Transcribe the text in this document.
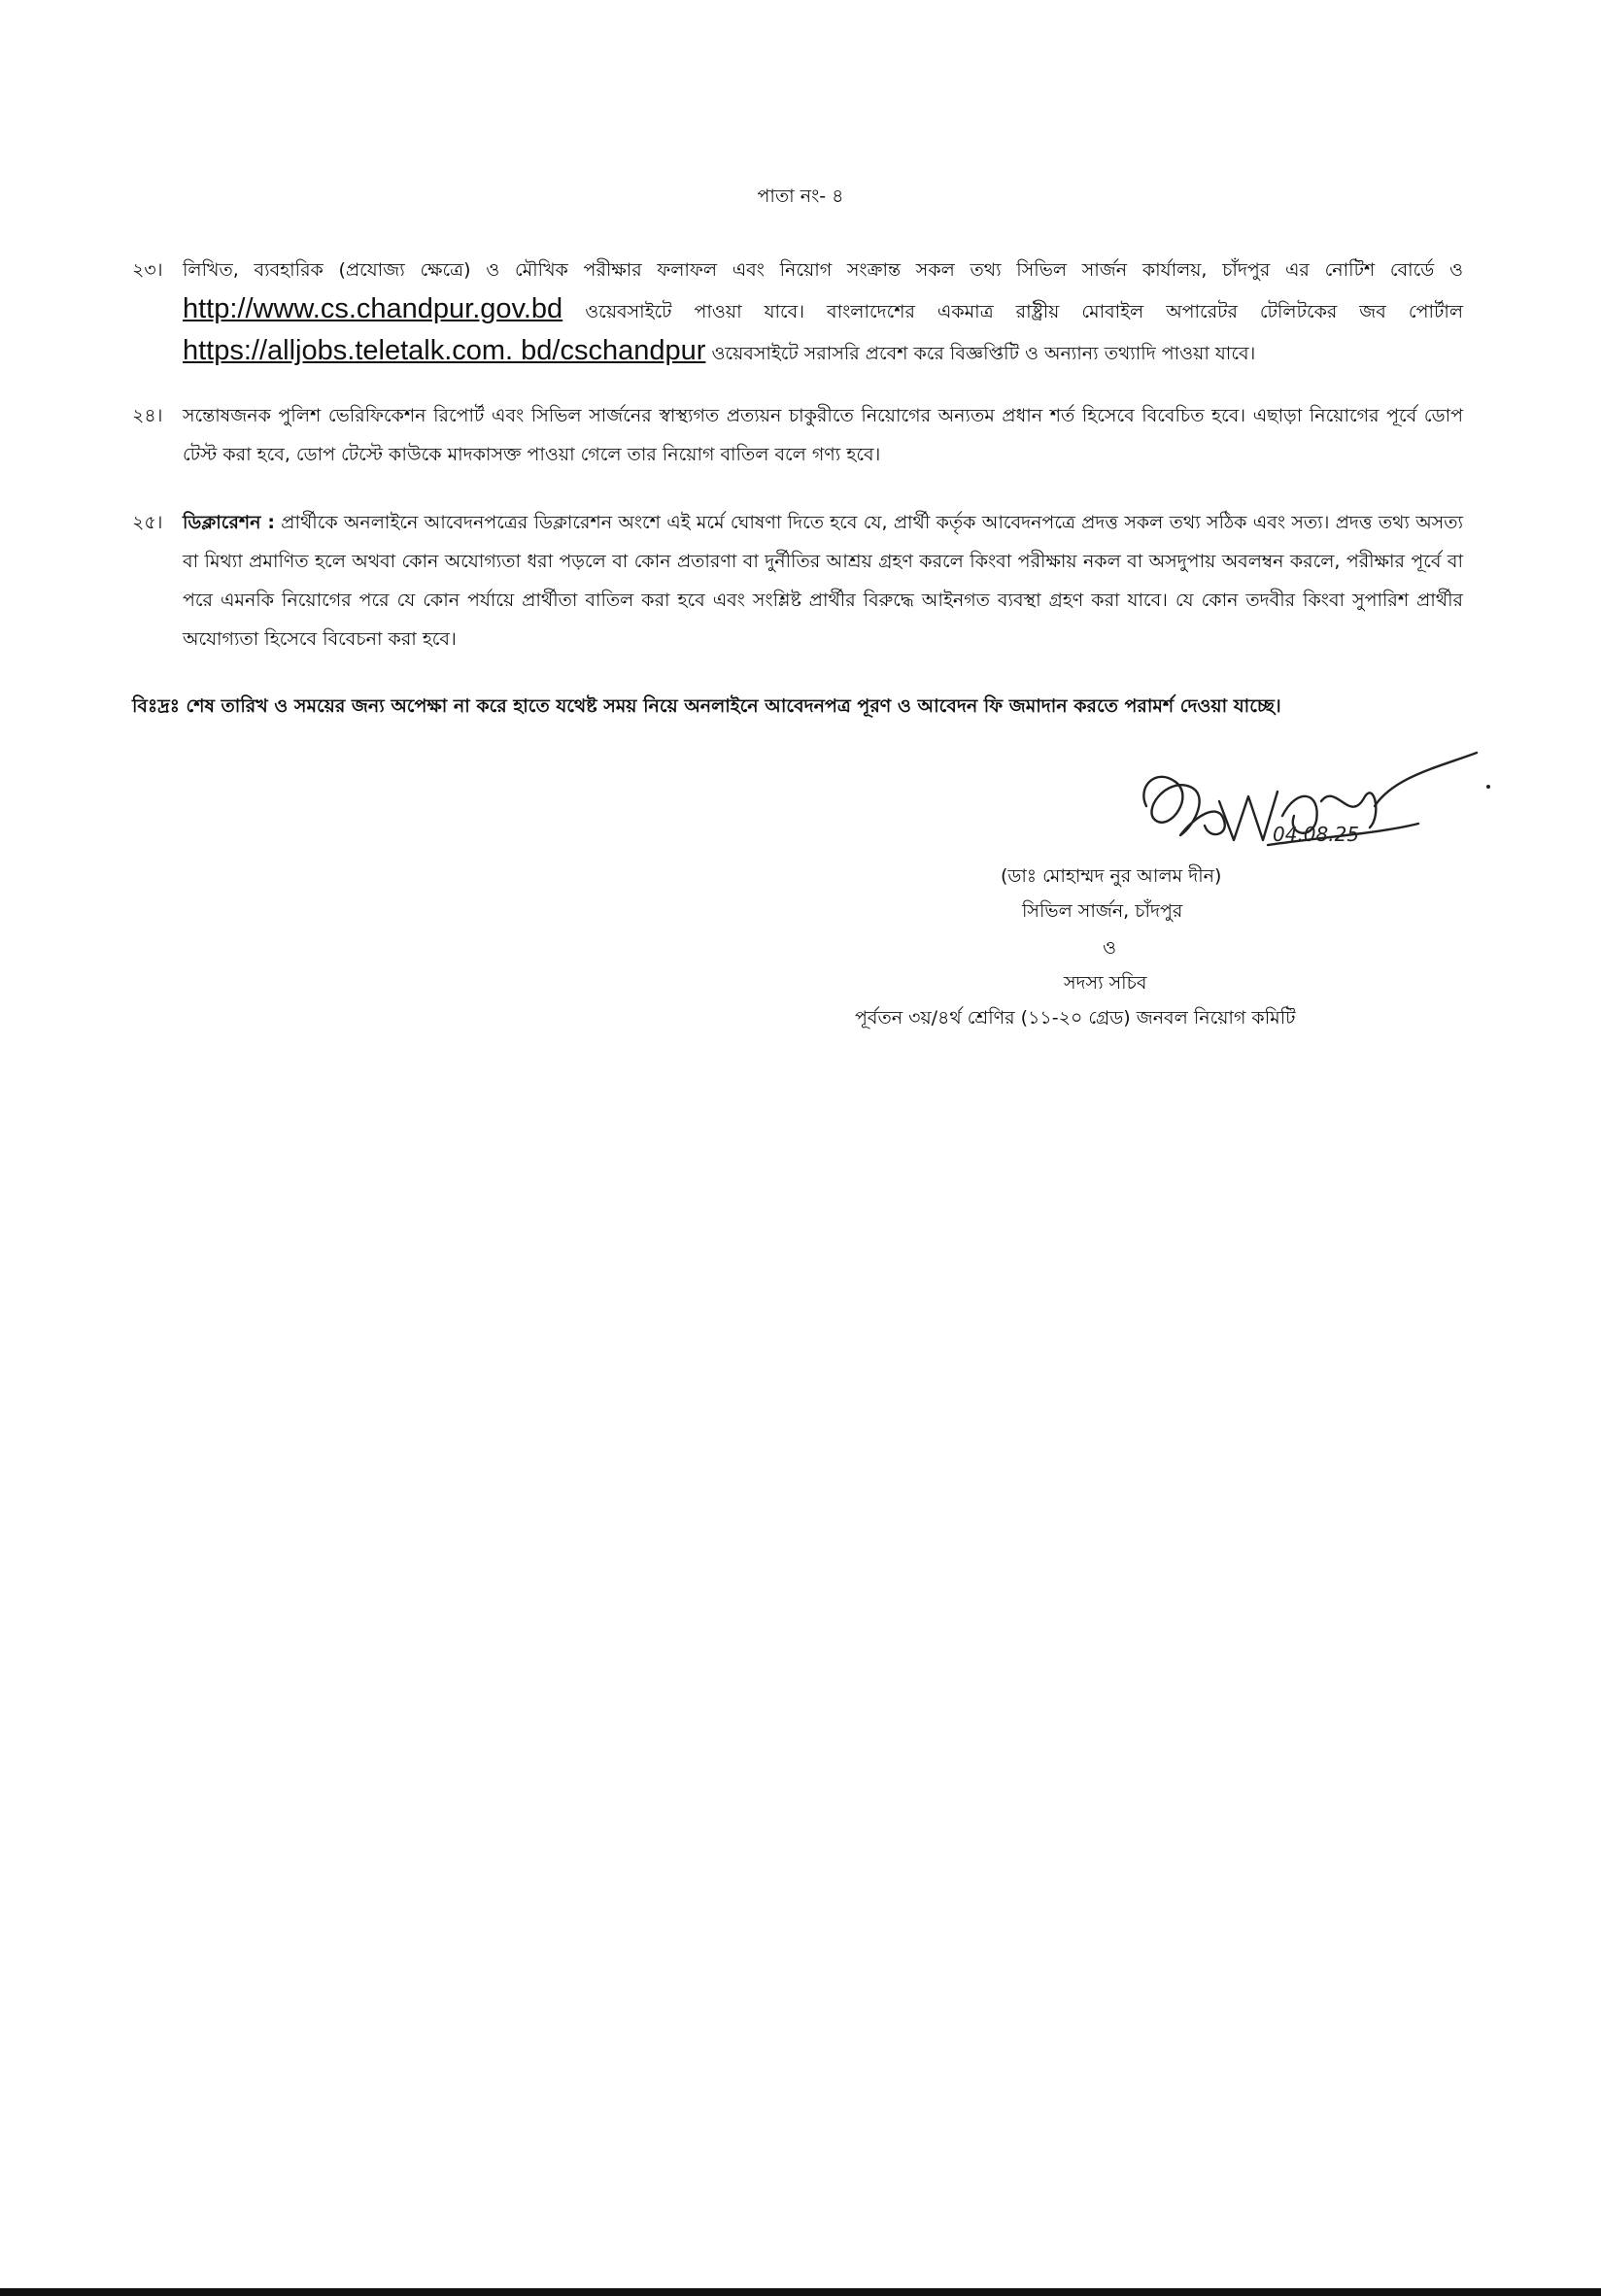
পাতা নং- ৪
২৩। লিখিত, ব্যবহারিক (প্রযোজ্য ক্ষেত্রে) ও মৌখিক পরীক্ষার ফলাফল এবং নিয়োগ সংক্রান্ত সকল তথ্য সিভিল সার্জন কার্যালয়, চাঁদপুর এর নোটিশ বোর্ডে ও http://www.cs.chandpur.gov.bd ওয়েবসাইটে পাওয়া যাবে। বাংলাদেশের একমাত্র রাষ্ট্রীয় মোবাইল অপারেটর টেলিটকের জব পোর্টাল https://alljobs.teletalk.com. bd/cschandpur ওয়েবসাইটে সরাসরি প্রবেশ করে বিজ্ঞপ্তিটি ও অন্যান্য তথ্যাদি পাওয়া যাবে।
২৪। সন্তোষজনক পুলিশ ভেরিফিকেশন রিপোর্ট এবং সিভিল সার্জনের স্বাস্থ্যগত প্রত্যয়ন চাকুরীতে নিয়োগের অন্যতম প্রধান শর্ত হিসেবে বিবেচিত হবে। এছাড়া নিয়োগের পূর্বে ডোপ টেস্ট করা হবে, ডোপ টেস্টে কাউকে মাদকাসক্ত পাওয়া গেলে তার নিয়োগ বাতিল বলে গণ্য হবে।
২৫। ডিক্লারেশন : প্রার্থীকে অনলাইনে আবেদনপত্রের ডিক্লারেশন অংশে এই মর্মে ঘোষণা দিতে হবে যে, প্রার্থী কর্তৃক আবেদনপত্রে প্রদত্ত সকল তথ্য সঠিক এবং সত্য। প্রদত্ত তথ্য অসত্য বা মিথ্যা প্রমাণিত হলে অথবা কোন অযোগ্যতা ধরা পড়লে বা কোন প্রতারণা বা দুর্নীতির আশ্রয় গ্রহণ করলে কিংবা পরীক্ষায় নকল বা অসদুপায় অবলম্বন করলে, পরীক্ষার পূর্বে বা পরে এমনকি নিয়োগের পরে যে কোন পর্যায়ে প্রার্থীতা বাতিল করা হবে এবং সংশ্লিষ্ট প্রার্থীর বিরুদ্ধে আইনগত ব্যবস্থা গ্রহণ করা যাবে। যে কোন তদবীর কিংবা সুপারিশ প্রার্থীর অযোগ্যতা হিসেবে বিবেচনা করা হবে।
বিঃদ্রঃ শেষ তারিখ ও সময়ের জন্য অপেক্ষা না করে হাতে যথেষ্ট সময় নিয়ে অনলাইনে আবেদনপত্র পূরণ ও আবেদন ফি জমাদান করতে পরামর্শ দেওয়া যাচ্ছে।
04.08.25
(ডাঃ মোহাম্মদ নুর আলম দীন)
সিভিল সার্জন, চাঁদপুর
ও
সদস্য সচিব
পূর্বতন ৩য়/৪র্থ শ্রেণির (১১-২০ গ্রেড) জনবল নিয়োগ কমিটি
